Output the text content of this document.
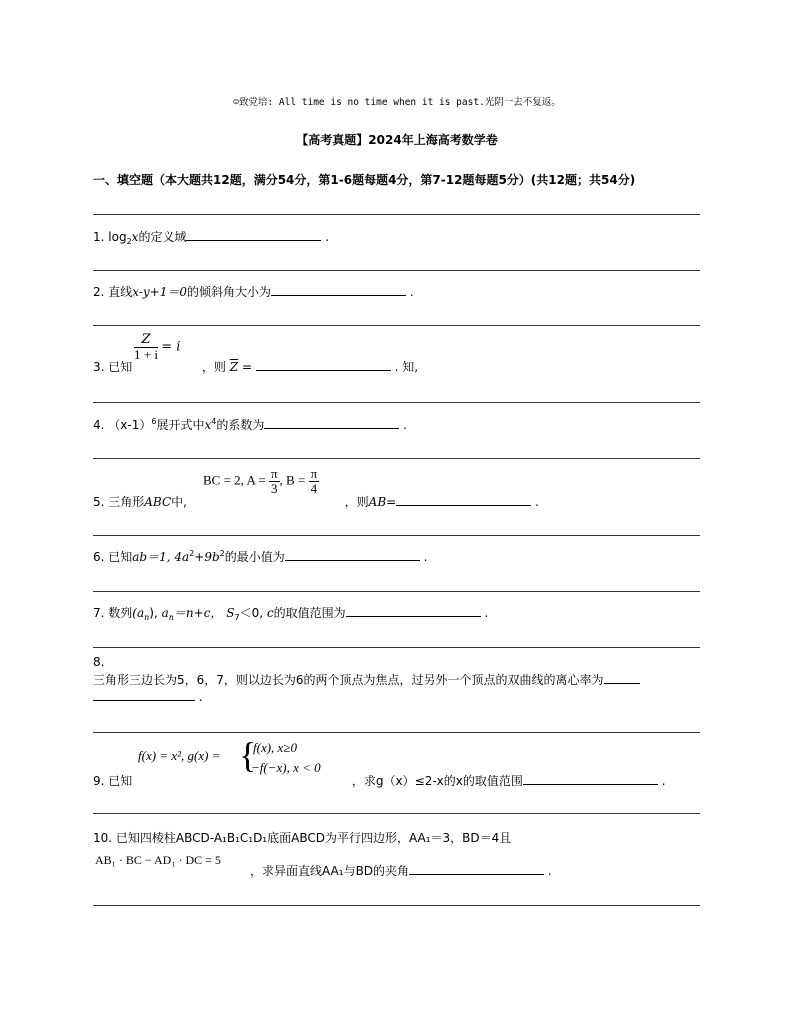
☺致党培: All time is no time when it is past.光阴一去不复返。
【高考真题】2024年上海高考数学卷
一、填空题（本大题共12题，满分54分，第1-6题每题4分，第7-12题每题5分）(共12题；共54分)
1. $\log_2x$的定义域	.
2. 直线x-y+1＝0的倾斜角大小为	.
$\frac{Z}{1 + i} = i$
3. 已知	，则 $\overline{Z}$ =	. 知,
4. $(x-1)^6$展开式中$x^4$的系数为	.
BC = 2, $A = \frac{\pi}{3}$ , $B = \frac{\pi}{4}$
5. 三角形ABC中,	，则AB=	.
6. 已知ab＝1, $4a^2+9b^2$的最小值为	.
7. 数列$(a_n)$, $a_n=n+c$， $S_7<0$, c的取值范围为	.
8.
三角形三边长为5，6，7，则以边长为6的两个顶点为焦点，过另外一个顶点的双曲线的离心率为
.
f(x) = x², g(x) = {
f(x), x≥0
−f(−x), x < 0
9. 已知	，求g（x）≤2-x的x的取值范围	.
10. 已知四棱柱ABCD-A₁B₁C₁D₁底面ABCD为平行四边形，AA₁＝3，BD＝4且
AB₁ · BC − AD₁ · DC = 5
，求异面直线AA₁与BD的夹角	.
